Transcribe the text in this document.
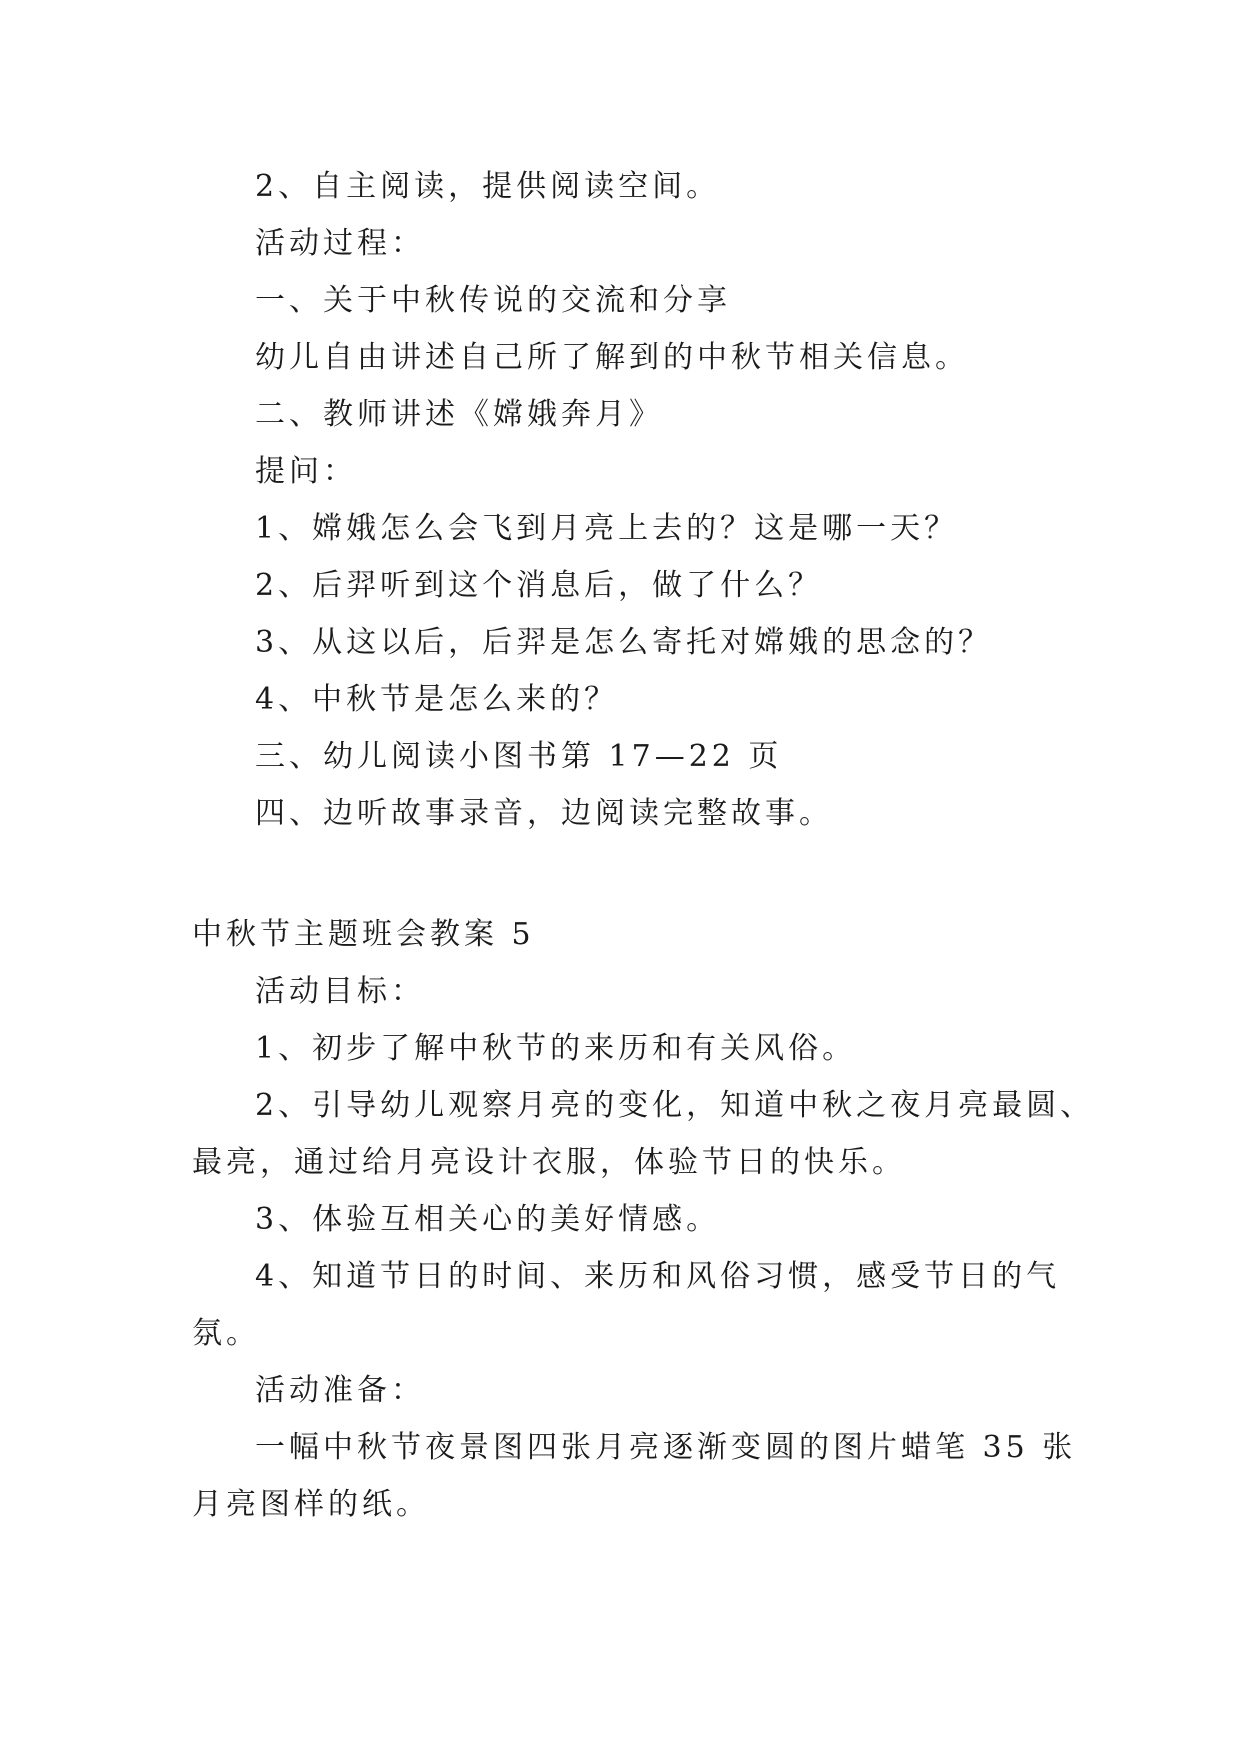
2、自主阅读，提供阅读空间。

活动过程：

一、关于中秋传说的交流和分享

幼儿自由讲述自己所了解到的中秋节相关信息。

二、教师讲述《嫦娥奔月》

提问：

1、嫦娥怎么会飞到月亮上去的？这是哪一天？

2、后羿听到这个消息后，做了什么？

3、从这以后，后羿是怎么寄托对嫦娥的思念的？

4、中秋节是怎么来的？

三、幼儿阅读小图书第 17—22 页

四、边听故事录音，边阅读完整故事。

中秋节主题班会教案 5

活动目标：

1、初步了解中秋节的来历和有关风俗。

2、引导幼儿观察月亮的变化，知道中秋之夜月亮最圆、

最亮，通过给月亮设计衣服，体验节日的快乐。

3、体验互相关心的美好情感。

4、知道节日的时间、来历和风俗习惯，感受节日的气

氛。

活动准备：

一幅中秋节夜景图四张月亮逐渐变圆的图片蜡笔 35 张

月亮图样的纸。
